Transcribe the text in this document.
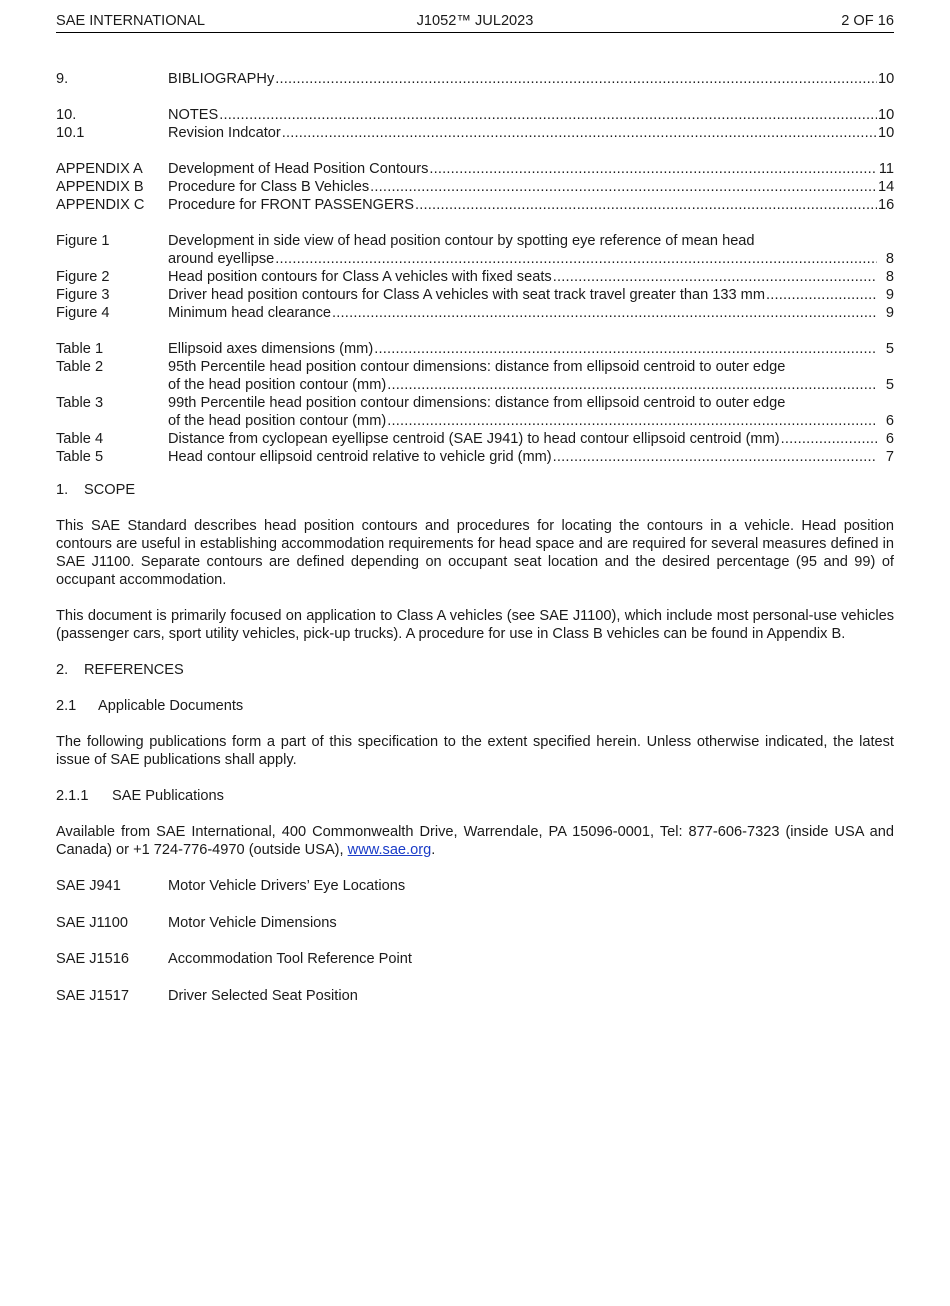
SAE INTERNATIONAL	J1052™ JUL2023	2 OF 16
9.	BIBLIOGRAPHy .....	10
10.	NOTES .....	10
10.1	Revision Indcator .....	10
APPENDIX A Development of Head Position Contours .....	11
APPENDIX B Procedure for Class B Vehicles .....	14
APPENDIX C Procedure for FRONT PASSENGERS .....	16
Figure 1	Development in side view of head position contour by spotting eye reference of mean head
around eyellipse .....	8
Figure 2	Head position contours for Class A vehicles with fixed seats .....	8
Figure 3	Driver head position contours for Class A vehicles with seat track travel greater than 133 mm .....	9
Figure 4	Minimum head clearance .....	9
Table 1	Ellipsoid axes dimensions (mm) .....	5
Table 2	95th Percentile head position contour dimensions: distance from ellipsoid centroid to outer edge
of the head position contour (mm) .....	5
Table 3	99th Percentile head position contour dimensions: distance from ellipsoid centroid to outer edge
of the head position contour (mm) .....	6
Table 4	Distance from cyclopean eyellipse centroid (SAE J941) to head contour ellipsoid centroid (mm) .....	6
Table 5	Head contour ellipsoid centroid relative to vehicle grid (mm) .....	7
1. SCOPE

This SAE Standard describes head position contours and procedures for locating the contours in a vehicle. Head position contours are useful in establishing accommodation requirements for head space and are required for several measures defined in SAE J1100. Separate contours are defined depending on occupant seat location and the desired percentage (95 and 99) of occupant accommodation.

This document is primarily focused on application to Class A vehicles (see SAE J1100), which include most personal-use vehicles (passenger cars, sport utility vehicles, pick-up trucks). A procedure for use in Class B vehicles can be found in Appendix B.

2. REFERENCES
2.1 Applicable Documents

The following publications form a part of this specification to the extent specified herein. Unless otherwise indicated, the latest issue of SAE publications shall apply.

2.1.1 SAE Publications

Available from SAE International, 400 Commonwealth Drive, Warrendale, PA 15096-0001, Tel: 877-606-7323 (inside USA and Canada) or +1 724-776-4970 (outside USA), www.sae.org.

SAE J941	Motor Vehicle Drivers’ Eye Locations
SAE J1100	Motor Vehicle Dimensions
SAE J1516	Accommodation Tool Reference Point
SAE J1517	Driver Selected Seat Position
